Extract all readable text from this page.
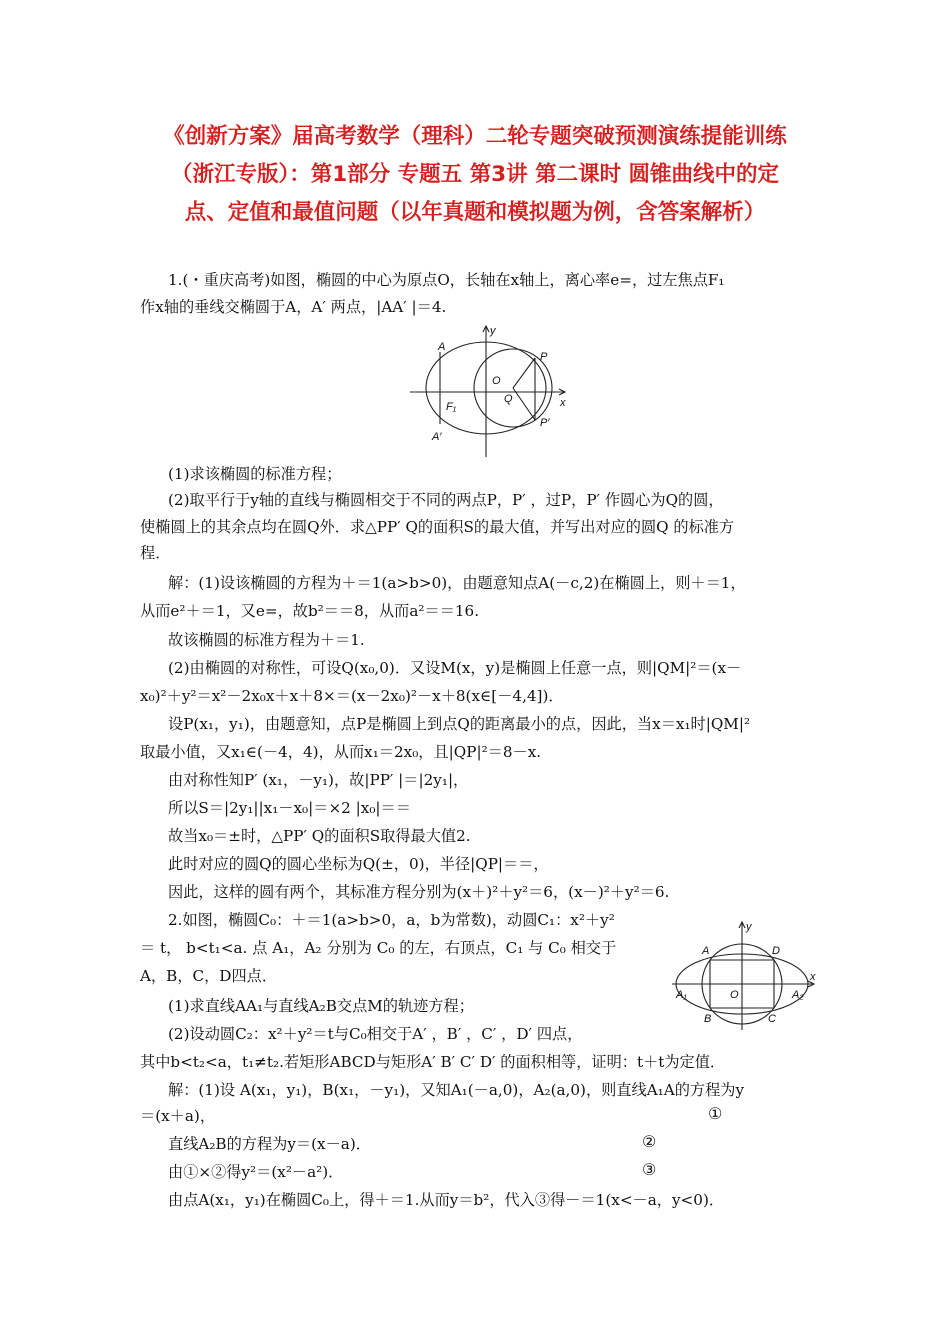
《创新方案》届高考数学（理科）二轮专题突破预测演练提能训练
（浙江专版）：第1部分 专题五 第3讲 第二课时 圆锥曲线中的定
点、定值和最值问题（以年真题和模拟题为例，含答案解析）
1.(・重庆高考)如图，椭圆的中心为原点O，长轴在x轴上，离心率e=，过左焦点F₁
作x轴的垂线交椭圆于A，A′ 两点，|AA′ |＝4.
y
A
P
O
Q	x
F₁
A′
P′
(1)求该椭圆的标准方程；
(2)取平行于y轴的直线与椭圆相交于不同的两点P，P′ ，过P，P′ 作圆心为Q的圆，
使椭圆上的其余点均在圆Q外．求△PP′ Q的面积S的最大值，并写出对应的圆Q 的标准方
程．
解：(1)设该椭圆的方程为＋＝1(a>b>0)，由题意知点A(－c,2)在椭圆上，则＋＝1，
从而e²＋＝1，又e=，故b²＝＝8，从而a²＝＝16.
故该椭圆的标准方程为＋＝1.
(2)由椭圆的对称性，可设Q(x₀,0)．又设M(x，y)是椭圆上任意一点，则|QM|²＝(x－
x₀)²＋y²＝x²－2x₀x＋x＋8×＝(x－2x₀)²－x＋8(x∈[－4,4])．
设P(x₁，y₁)，由题意知，点P是椭圆上到点Q的距离最小的点，因此，当x＝x₁时|QM|²
取最小值，又x₁∈(－4，4)，从而x₁＝2x₀，且|QP|²＝8－x.
由对称性知P′ (x₁，－y₁)，故|PP′ |＝|2y₁|，
所以S＝|2y₁||x₁－x₀|＝×2 |x₀|＝＝
故当x₀＝±时，△PP′ Q的面积S取得最大值2.
此时对应的圆Q的圆心坐标为Q(±，0)，半径|QP|＝＝，
因此，这样的圆有两个，其标准方程分别为(x＋)²＋y²＝6，(x－)²＋y²＝6.
2.如图，椭圆C₀：＋＝1(a>b>0，a，b为常数)，动圆C₁：x²＋y²
＝ t， b<t₁<a. 点 A₁，A₂ 分别为 C₀ 的左，右顶点，C₁ 与 C₀ 相交于
A，B，C，D四点．
y
A	D
A₁	O	A₂
x
B	C
(1)求直线AA₁与直线A₂B交点M的轨迹方程；
(2)设动圆C₂：x²＋y²＝t与C₀相交于A′ ，B′ ，C′ ，D′ 四点，
其中b<t₂<a，t₁≠t₂.若矩形ABCD与矩形A′ B′ C′ D′ 的面积相等，证明：t＋t为定值．
解：(1)设 A(x₁，y₁)，B(x₁，－y₁)，又知A₁(－a,0)，A₂(a,0)，则直线A₁A的方程为y
＝(x＋a)，	①
直线A₂B的方程为y＝(x－a)．	②
由①×②得y²＝(x²－a²)．	③
由点A(x₁，y₁)在椭圆C₀上，得＋＝1.从而y＝b²，代入③得－＝1(x<－a，y<0)．
